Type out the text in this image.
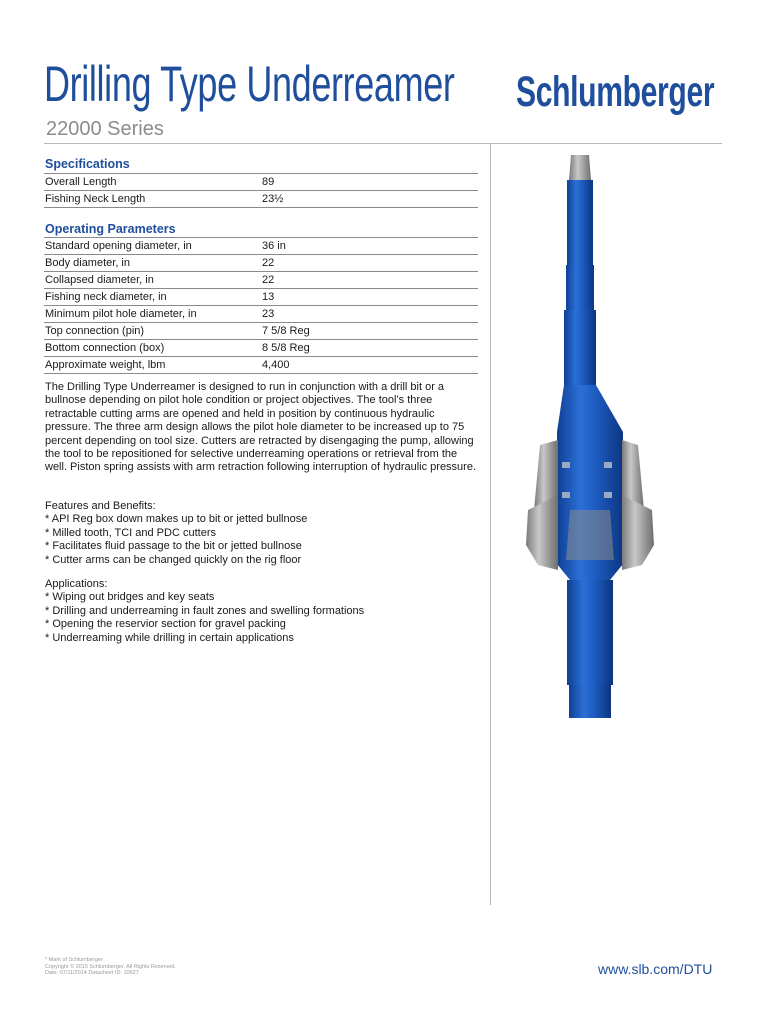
Drilling Type Underreamer
22000 Series
Schlumberger
Specifications
Overall Length	89
Fishing Neck Length	23½
Operating Parameters
Standard opening diameter, in	36 in
Body diameter, in	22
Collapsed diameter, in	22
Fishing neck diameter, in	13
Minimum pilot hole diameter, in	23
Top connection (pin)	7 5/8 Reg
Bottom connection (box)	8 5/8 Reg
Approximate weight, lbm	4,400

The Drilling Type Underreamer is designed to run in conjunction with a drill bit or a bullnose depending on pilot hole condition or project objectives. The tool’s three retractable cutting arms are opened and held in position by continuous hydraulic pressure. The three arm design allows the pilot hole diameter to be increased up to 75 percent depending on tool size. Cutters are retracted by disengaging the pump, allowing the tool to be repositioned for selective underreaming operations or retrieval from the well. Piston spring assists with arm retraction following interruption of hydraulic pressure.

Features and Benefits:

* API Reg box down makes up to bit or jetted bullnose

* Milled tooth, TCI and PDC cutters

* Facilitates fluid passage to the bit or jetted bullnose

* Cutter arms can be changed quickly on the rig floor

Applications:

* Wiping out bridges and key seats

* Drilling and underreaming in fault zones and swelling formations

* Opening the reservior section for gravel packing

* Underreaming while drilling in certain applications

* Mark of Schlumberger
Copyright © 2015 Schlumberger. All Rights Reserved.
Date: 07/11/2014 Datasheet ID: 10627	www.slb.com/DTU
